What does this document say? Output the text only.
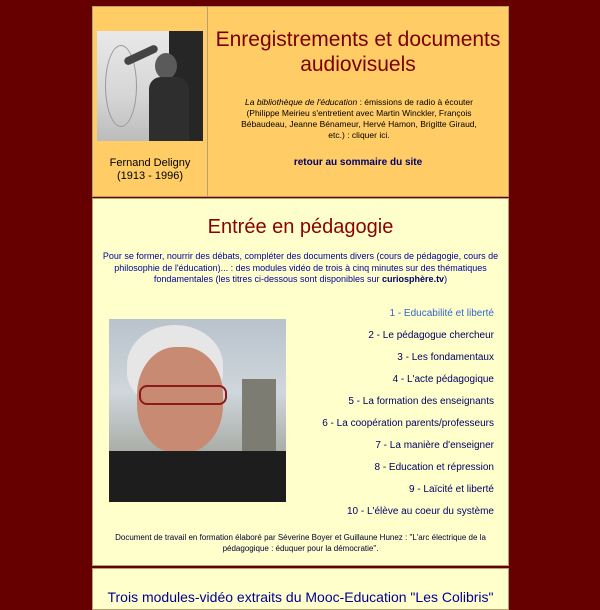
Fernand Deligny
(1913 - 1996)
Enregistrements et documents
audiovisuels
La bibliothèque de l'éducation : émissions de radio à écouter (Philippe Meirieu s'entretient avec Martin Winckler, François Bébaudeau, Jeanne Bénameur, Hervé Hamon, Brigitte Giraud, etc.) : cliquer ici.
retour au sommaire du site
Entrée en pédagogie
Pour se former, nourrir des débats, compléter des documents divers (cours de pédagogie, cours de philosophie de l'éducation)... : des modules vidéo de trois à cinq minutes sur des thématiques fondamentales (les titres ci-dessous sont disponibles sur curiosphère.tv)
1 - Educabilité et liberté
2 - Le pédagogue chercheur
3 - Les fondamentaux
4 - L'acte pédagogique
5 - La formation des enseignants
6 - La coopération parents/professeurs
7 - La manière d'enseigner
8 - Education et répression
9 - Laïcité et liberté
10 - L'élève au coeur du système
Document de travail en formation élaboré par Séverine Boyer et Guillaune Hunez : "L'arc électrique de la pédagogique : éduquer pour la démocratie".
Trois modules-vidéo extraits du Mooc-Education "Les Colibris"
